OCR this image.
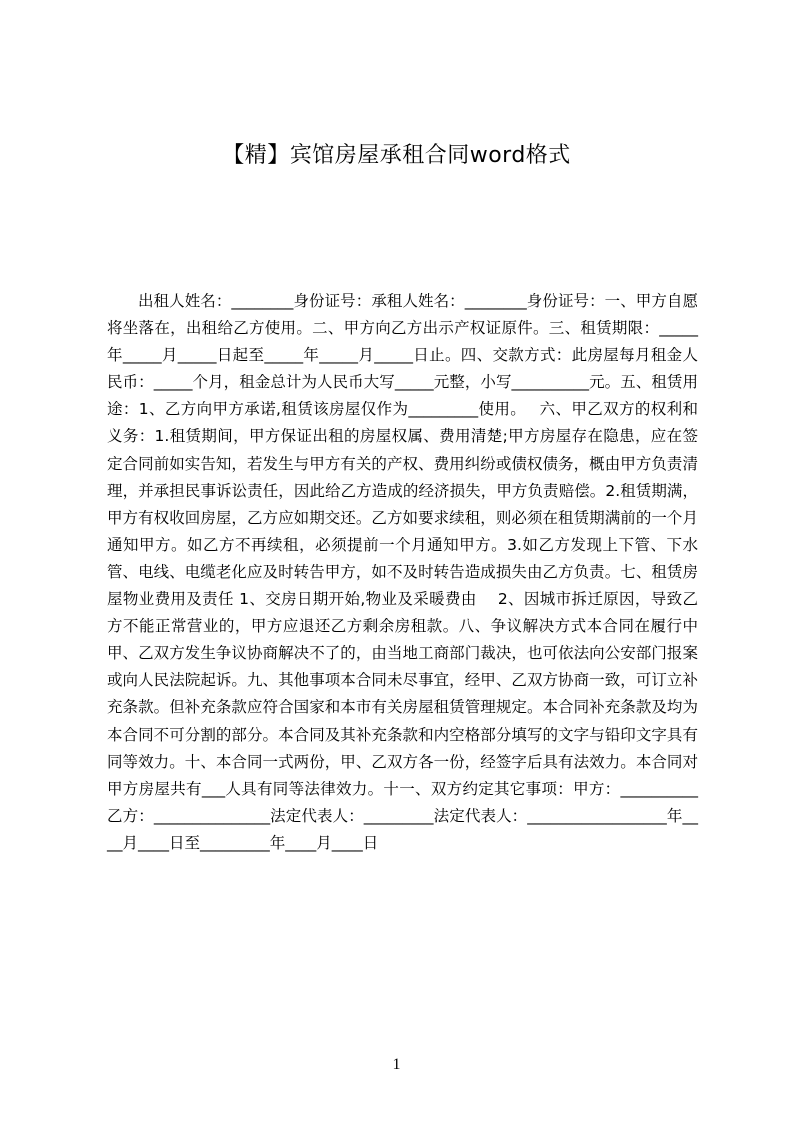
【精】宾馆房屋承租合同word格式

出租人姓名：________身份证号：承租人姓名：________身份证号：一、甲方自愿将坐落在，出租给乙方使用。二、甲方向乙方出示产权证原件。三、租赁期限：_____年_____月_____日起至_____年_____月_____日止。四、交款方式：此房屋每月租金人民币：_____个月，租金总计为人民币大写_____元整，小写__________元。五、租赁用途：1、乙方向甲方承诺,租赁该房屋仅作为_________使用。　 六、甲乙双方的权利和义务：1.租赁期间，甲方保证出租的房屋权属、费用清楚;甲方房屋存在隐患，应在签定合同前如实告知，若发生与甲方有关的产权、费用纠纷或债权债务，概由甲方负责清理，并承担民事诉讼责任，因此给乙方造成的经济损失，甲方负责赔偿。2.租赁期满，甲方有权收回房屋，乙方应如期交还。乙方如要求续租，则必须在租赁期满前的一个月通知甲方。如乙方不再续租，必须提前一个月通知甲方。3.如乙方发现上下管、下水管、电线、电缆老化应及时转告甲方，如不及时转告造成损失由乙方负责。七、租赁房屋物业费用及责任 1、交房日期开始,物业及采暖费由　 2、因城市拆迁原因，导致乙方不能正常营业的，甲方应退还乙方剩余房租款。八、争议解决方式本合同在履行中甲、乙双方发生争议协商解决不了的，由当地工商部门裁决，也可依法向公安部门报案或向人民法院起诉。九、其他事项本合同未尽事宜，经甲、乙双方协商一致，可订立补充条款。但补充条款应符合国家和本市有关房屋租赁管理规定。本合同补充条款及均为本合同不可分割的部分。本合同及其补充条款和内空格部分填写的文字与铅印文字具有同等效力。十、本合同一式两份，甲、乙双方各一份，经签字后具有法效力。本合同对甲方房屋共有___人具有同等法律效力。十一、双方约定其它事项：甲方：__________乙方：_______________法定代表人：_________法定代表人：__________________年____月____日至_________年____月____日

1
